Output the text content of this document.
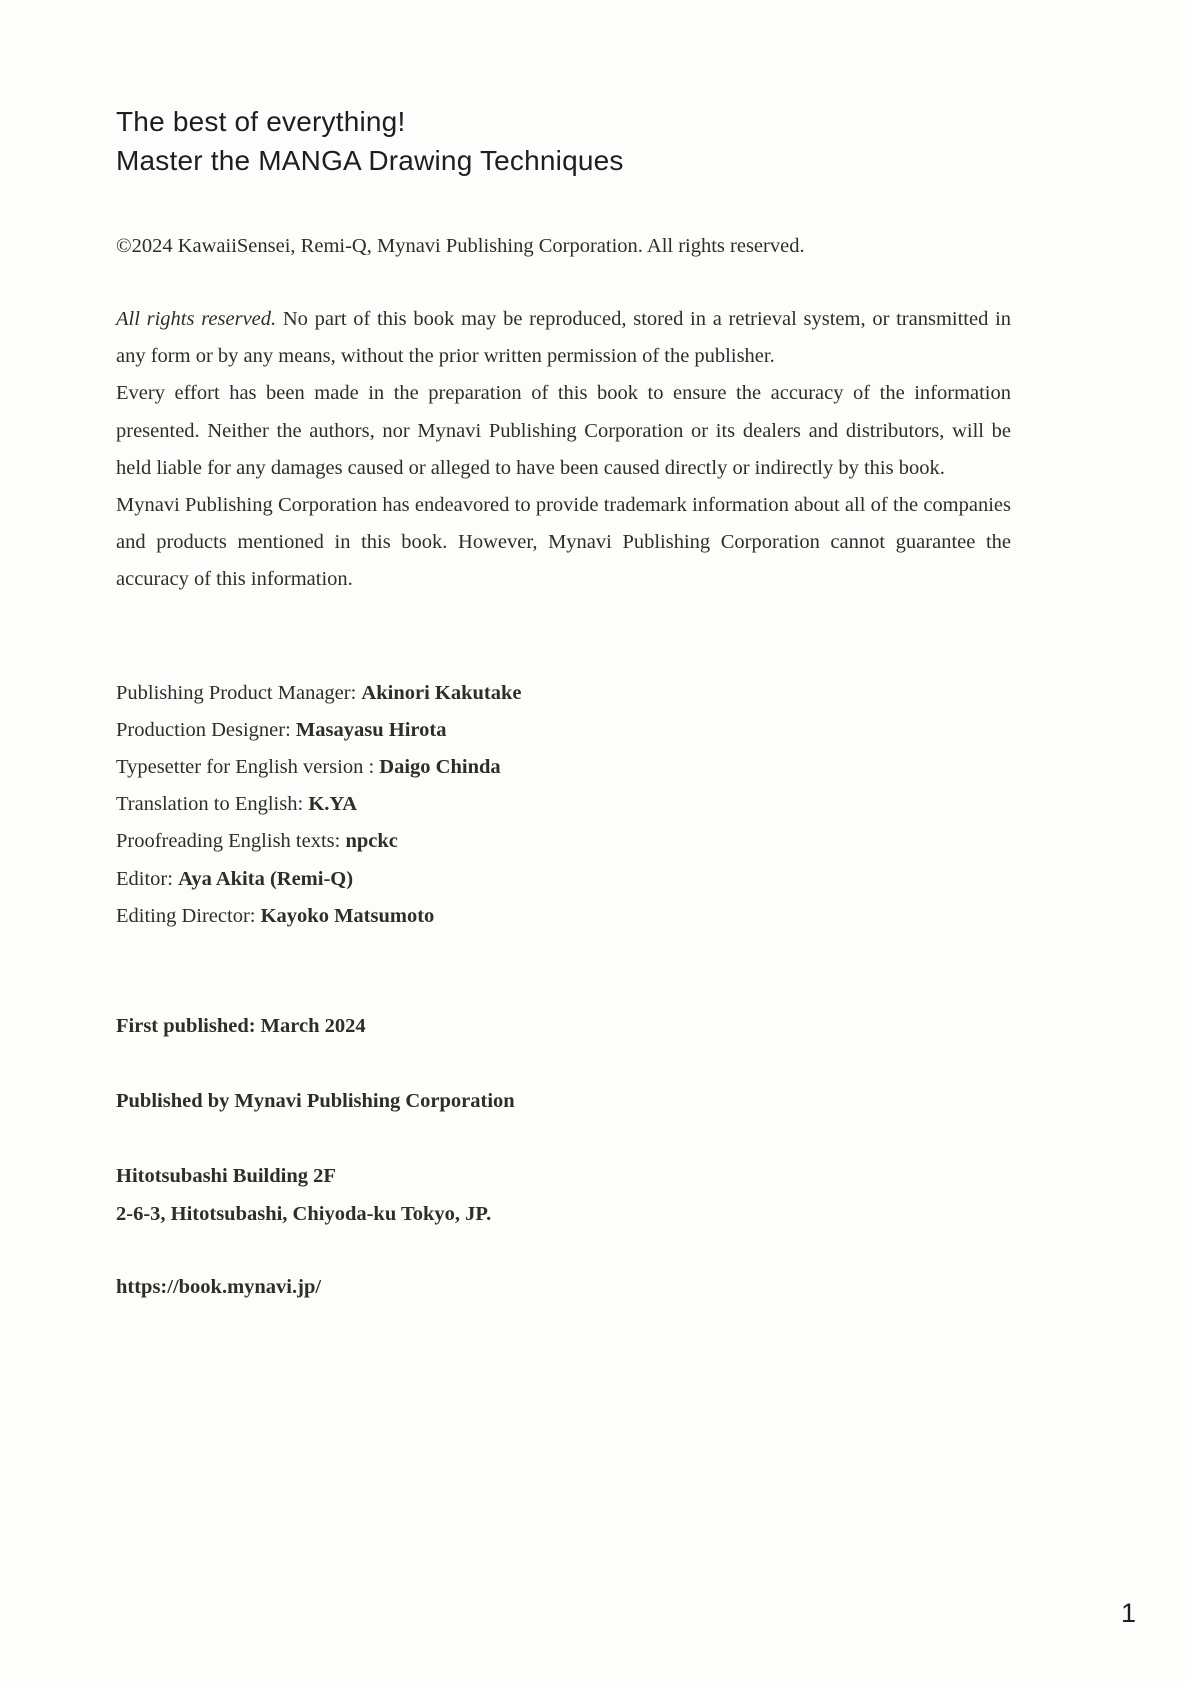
The best of everything!
Master the MANGA Drawing Techniques
©2024 KawaiiSensei, Remi-Q, Mynavi Publishing Corporation. All rights reserved.

All rights reserved. No part of this book may be reproduced, stored in a retrieval system, or transmitted in any form or by any means, without the prior written permission of the publisher.

Every effort has been made in the preparation of this book to ensure the accuracy of the information presented. Neither the authors, nor Mynavi Publishing Corporation or its dealers and distributors, will be held liable for any damages caused or alleged to have been caused directly or indirectly by this book.

Mynavi Publishing Corporation has endeavored to provide trademark information about all of the companies and products mentioned in this book. However, Mynavi Publishing Corporation cannot guarantee the accuracy of this information.

Publishing Product Manager: Akinori Kakutake
Production Designer: Masayasu Hirota
Typesetter for English version : Daigo Chinda
Translation to English: K.YA
Proofreading English texts: npckc
Editor: Aya Akita (Remi-Q)
Editing Director: Kayoko Matsumoto
First published: March 2024
Published by Mynavi Publishing Corporation
Hitotsubashi Building 2F
2-6-3, Hitotsubashi, Chiyoda-ku Tokyo, JP.
https://book.mynavi.jp/
1
